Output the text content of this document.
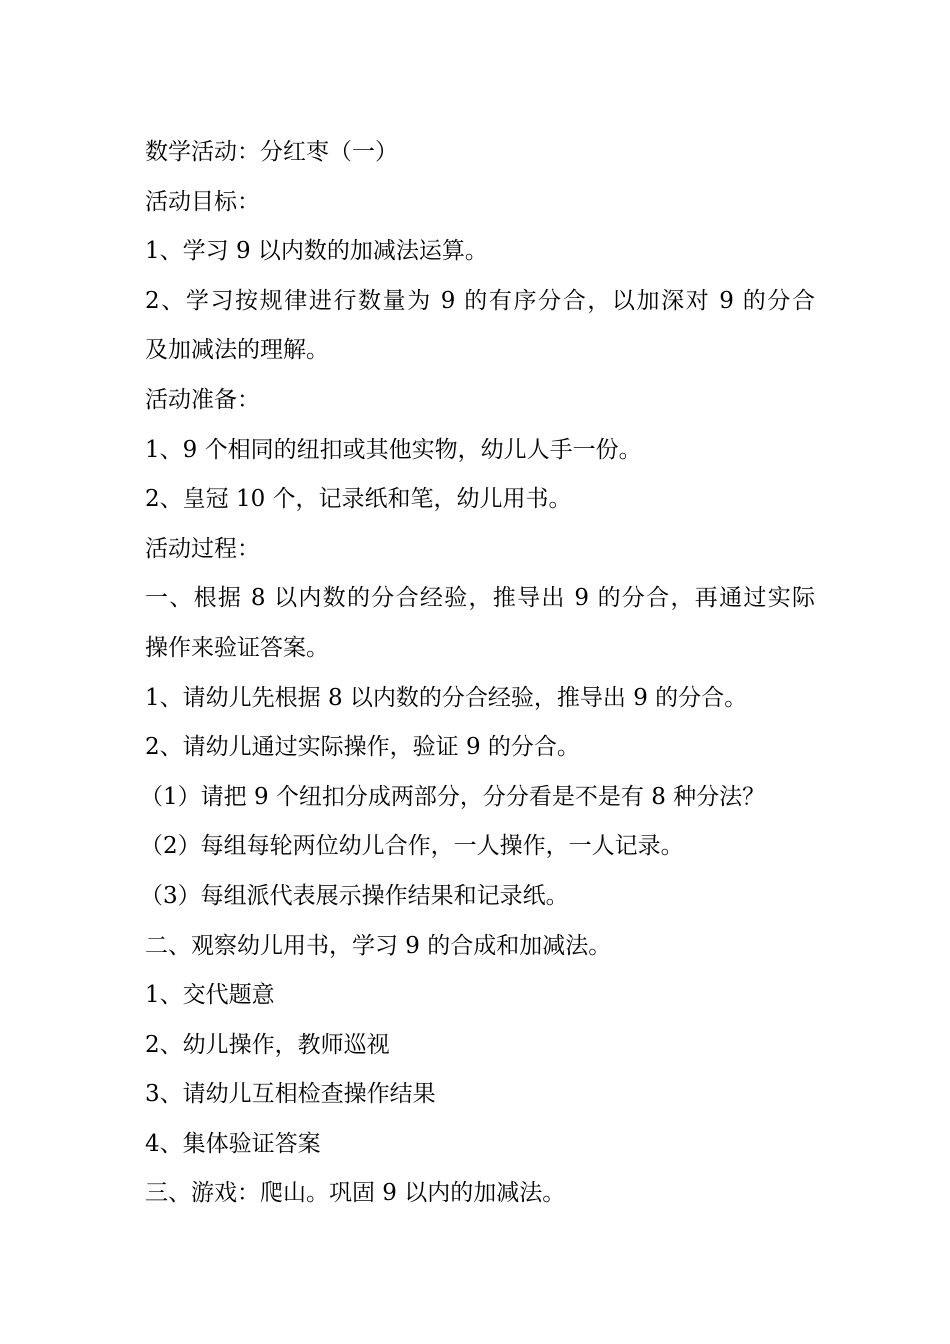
数学活动：分红枣（一）
活动目标：
1、学习 9 以内数的加减法运算。
2、学习按规律进行数量为 9 的有序分合，以加深对 9 的分合
及加减法的理解。
活动准备：
1、9 个相同的纽扣或其他实物，幼儿人手一份。
2、皇冠 10 个，记录纸和笔，幼儿用书。
活动过程：
一、根据 8 以内数的分合经验，推导出 9 的分合，再通过实际
操作来验证答案。
1、请幼儿先根据 8 以内数的分合经验，推导出 9 的分合。
2、请幼儿通过实际操作，验证 9 的分合。
（1）请把 9 个纽扣分成两部分，分分看是不是有 8 种分法？
（2）每组每轮两位幼儿合作，一人操作，一人记录。
（3）每组派代表展示操作结果和记录纸。
二、观察幼儿用书，学习 9 的合成和加减法。
1、交代题意
2、幼儿操作，教师巡视
3、请幼儿互相检查操作结果
4、集体验证答案
三、游戏：爬山。巩固 9 以内的加减法。
